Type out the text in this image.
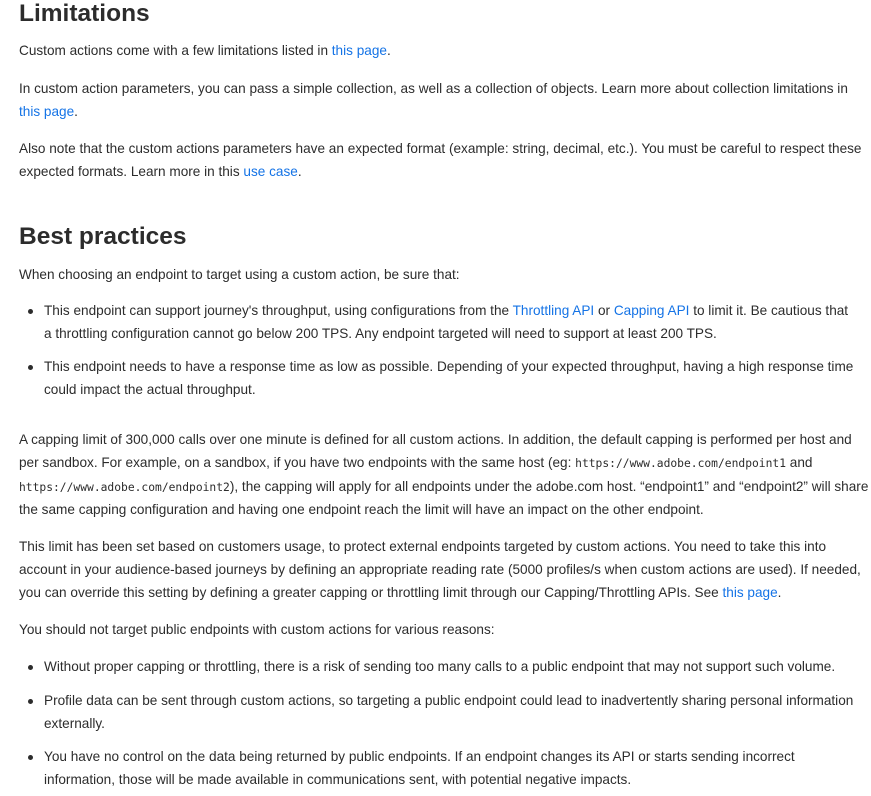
Limitations

Custom actions come with a few limitations listed in this page.

In custom action parameters, you can pass a simple collection, as well as a collection of objects. Learn more about collection limitations in this page.

Also note that the custom actions parameters have an expected format (example: string, decimal, etc.). You must be careful to respect these expected formats. Learn more in this use case.

Best practices

When choosing an endpoint to target using a custom action, be sure that:

This endpoint can support journey's throughput, using configurations from the Throttling API or Capping API to limit it. Be cautious that a throttling configuration cannot go below 200 TPS. Any endpoint targeted will need to support at least 200 TPS.
This endpoint needs to have a response time as low as possible. Depending of your expected throughput, having a high response time could impact the actual throughput.

A capping limit of 300,000 calls over one minute is defined for all custom actions. In addition, the default capping is performed per host and per sandbox. For example, on a sandbox, if you have two endpoints with the same host (eg: https://www.adobe.com/endpoint1 and https://www.adobe.com/endpoint2), the capping will apply for all endpoints under the adobe.com host. “endpoint1” and “endpoint2” will share the same capping configuration and having one endpoint reach the limit will have an impact on the other endpoint.

This limit has been set based on customers usage, to protect external endpoints targeted by custom actions. You need to take this into account in your audience-based journeys by defining an appropriate reading rate (5000 profiles/s when custom actions are used). If needed, you can override this setting by defining a greater capping or throttling limit through our Capping/Throttling APIs. See this page.

You should not target public endpoints with custom actions for various reasons:

Without proper capping or throttling, there is a risk of sending too many calls to a public endpoint that may not support such volume.
Profile data can be sent through custom actions, so targeting a public endpoint could lead to inadvertently sharing personal information externally.
You have no control on the data being returned by public endpoints. If an endpoint changes its API or starts sending incorrect information, those will be made available in communications sent, with potential negative impacts.
